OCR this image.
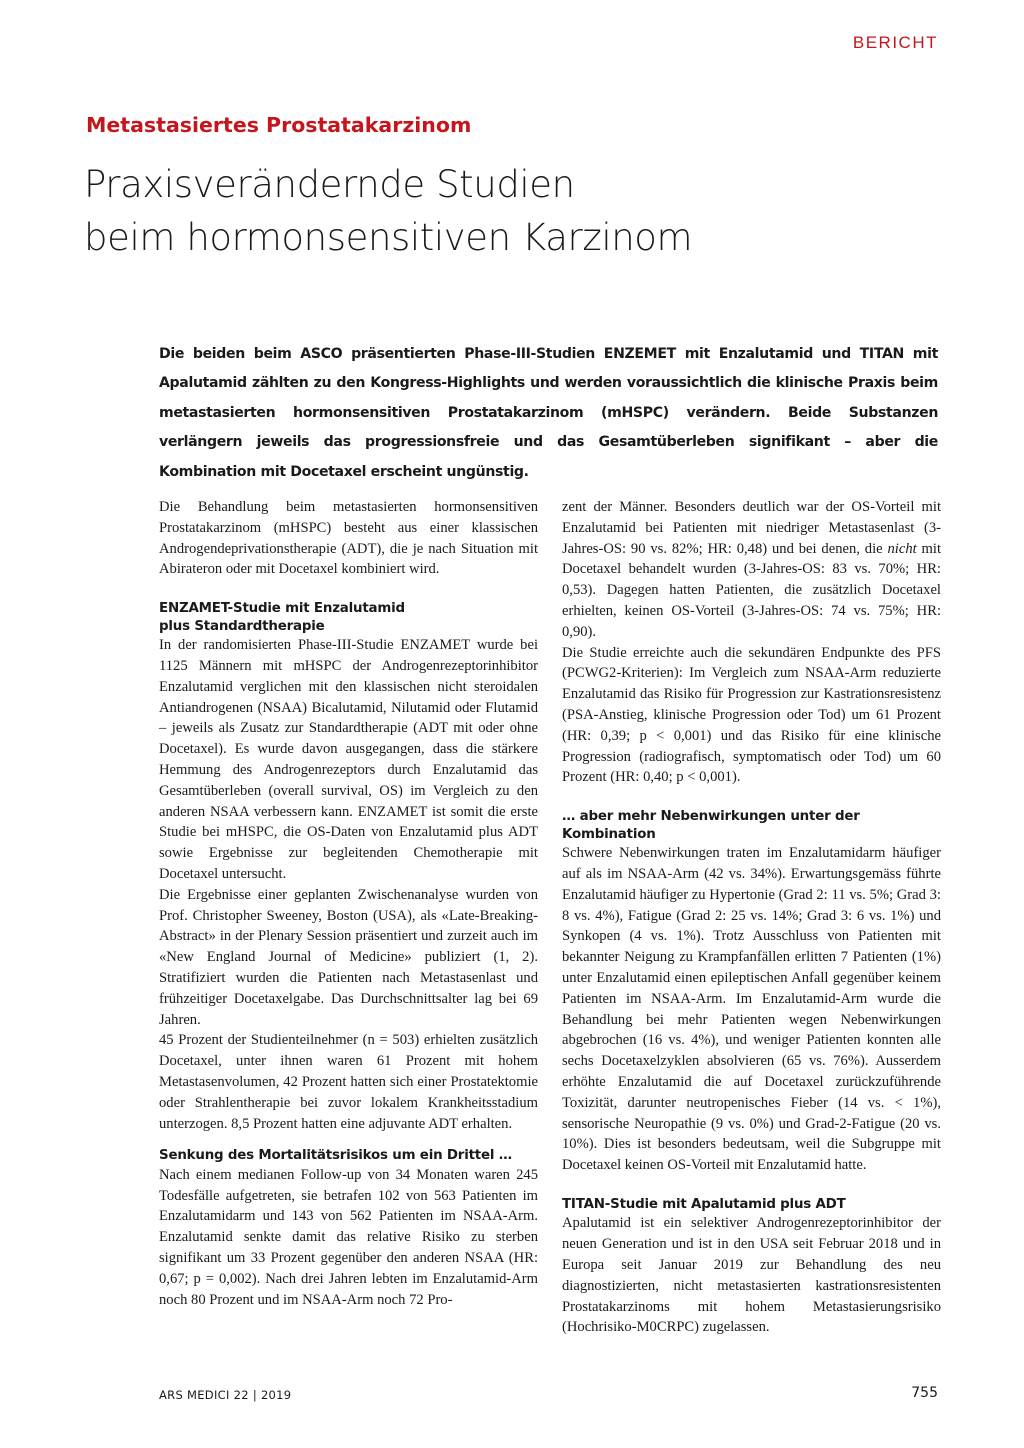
BERICHT
Metastasiertes Prostatakarzinom
Praxisverändernde Studien
beim hormonsensitiven Karzinom

Die beiden beim ASCO präsentierten Phase-III-Studien ENZEMET mit Enzalutamid und TITAN mit Apalutamid zählten zu den Kongress-Highlights und werden voraussichtlich die klinische Praxis beim metastasierten hormonsensitiven Prostatakarzinom (mHSPC) verändern. Beide Substanzen verlängern jeweils das progressionsfreie und das Gesamtüberleben signifikant – aber die Kombination mit Docetaxel erscheint ungünstig.

Die Behandlung beim metastasierten hormonsensitiven Prostatakarzinom (mHSPC) besteht aus einer klassischen Androgendeprivationstherapie (ADT), die je nach Situation mit Abirateron oder mit Docetaxel kombiniert wird.

ENZAMET-Studie mit Enzalutamid
plus Standardtherapie

In der randomisierten Phase-III-Studie ENZAMET wurde bei 1125 Männern mit mHSPC der Androgenrezeptorinhibitor Enzalutamid verglichen mit den klassischen nicht steroidalen Antiandrogenen (NSAA) Bicalutamid, Nilutamid oder Flutamid – jeweils als Zusatz zur Standardtherapie (ADT mit oder ohne Docetaxel). Es wurde davon ausgegangen, dass die stärkere Hemmung des Androgenrezeptors durch Enzalutamid das Gesamtüberleben (overall survival, OS) im Vergleich zu den anderen NSAA verbessern kann. ENZAMET ist somit die erste Studie bei mHSPC, die OS-Daten von Enzalutamid plus ADT sowie Ergebnisse zur begleitenden Chemotherapie mit Docetaxel untersucht.

Die Ergebnisse einer geplanten Zwischenanalyse wurden von Prof. Christopher Sweeney, Boston (USA), als «Late-Breaking-Abstract» in der Plenary Session präsentiert und zurzeit auch im «New England Journal of Medicine» publiziert (1, 2). Stratifiziert wurden die Patienten nach Metastasenlast und frühzeitiger Docetaxelgabe. Das Durchschnittsalter lag bei 69 Jahren.

45 Prozent der Studienteilnehmer (n = 503) erhielten zusätzlich Docetaxel, unter ihnen waren 61 Prozent mit hohem Metastasenvolumen, 42 Prozent hatten sich einer Prostatektomie oder Strahlentherapie bei zuvor lokalem Krankheitsstadium unterzogen. 8,5 Prozent hatten eine adjuvante ADT erhalten.

Senkung des Mortalitätsrisikos um ein Drittel …

Nach einem medianen Follow-up von 34 Monaten waren 245 Todesfälle aufgetreten, sie betrafen 102 von 563 Patienten im Enzalutamidarm und 143 von 562 Patienten im NSAA-Arm. Enzalutamid senkte damit das relative Risiko zu sterben signifikant um 33 Prozent gegenüber den anderen NSAA (HR: 0,67; p = 0,002). Nach drei Jahren lebten im Enzalutamid-Arm noch 80 Prozent und im NSAA-Arm noch 72 Pro-

zent der Männer. Besonders deutlich war der OS-Vorteil mit Enzalutamid bei Patienten mit niedriger Metastasenlast (3-Jahres-OS: 90 vs. 82%; HR: 0,48) und bei denen, die nicht mit Docetaxel behandelt wurden (3-Jahres-OS: 83 vs. 70%; HR: 0,53). Dagegen hatten Patienten, die zusätzlich Docetaxel erhielten, keinen OS-Vorteil (3-Jahres-OS: 74 vs. 75%; HR: 0,90).

Die Studie erreichte auch die sekundären Endpunkte des PFS (PCWG2-Kriterien): Im Vergleich zum NSAA-Arm reduzierte Enzalutamid das Risiko für Progression zur Kastrationsresistenz (PSA-Anstieg, klinische Progression oder Tod) um 61 Prozent (HR: 0,39; p < 0,001) und das Risiko für eine klinische Progression (radiografisch, symptomatisch oder Tod) um 60 Prozent (HR: 0,40; p < 0,001).

… aber mehr Nebenwirkungen unter der Kombination

Schwere Nebenwirkungen traten im Enzalutamidarm häufiger auf als im NSAA-Arm (42 vs. 34%). Erwartungsgemäss führte Enzalutamid häufiger zu Hypertonie (Grad 2: 11 vs. 5%; Grad 3: 8 vs. 4%), Fatigue (Grad 2: 25 vs. 14%; Grad 3: 6 vs. 1%) und Synkopen (4 vs. 1%). Trotz Ausschluss von Patienten mit bekannter Neigung zu Krampfanfällen erlitten 7 Patienten (1%) unter Enzalutamid einen epileptischen Anfall gegenüber keinem Patienten im NSAA-Arm. Im Enzalutamid-Arm wurde die Behandlung bei mehr Patienten wegen Nebenwirkungen abgebrochen (16 vs. 4%), und weniger Patienten konnten alle sechs Docetaxelzyklen absolvieren (65 vs. 76%). Ausserdem erhöhte Enzalutamid die auf Docetaxel zurückzuführende Toxizität, darunter neutropenisches Fieber (14 vs. < 1%), sensorische Neuropathie (9 vs. 0%) und Grad-2-Fatigue (20 vs. 10%). Dies ist besonders bedeutsam, weil die Subgruppe mit Docetaxel keinen OS-Vorteil mit Enzalutamid hatte.

TITAN-Studie mit Apalutamid plus ADT

Apalutamid ist ein selektiver Androgenrezeptorinhibitor der neuen Generation und ist in den USA seit Februar 2018 und in Europa seit Januar 2019 zur Behandlung des neu diagnostizierten, nicht metastasierten kastrationsresistenten Prostatakarzinoms mit hohem Metastasierungsrisiko (Hochrisiko-M0CRPC) zugelassen.

ARS MEDICI 22 | 2019	755
